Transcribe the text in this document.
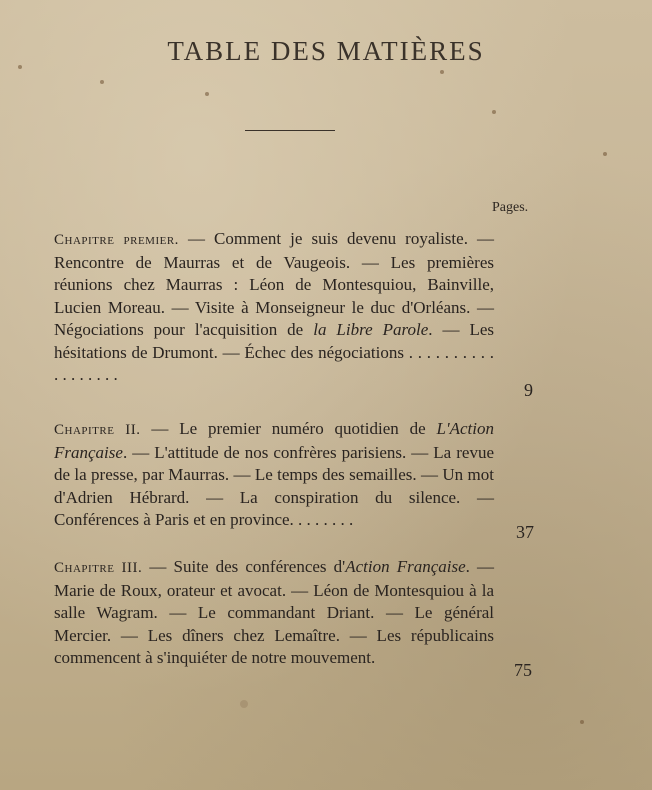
TABLE DES MATIÈRES
Pages.
Chapitre premier. — Comment je suis devenu royaliste. — Rencontre de Maurras et de Vaugeois. — Les premières réunions chez Maurras : Léon de Montesquiou, Bainville, Lucien Moreau. — Visite à Monseigneur le duc d'Orléans. — Négociations pour l'acquisition de la Libre Parole. — Les hésitations de Drumont. — Échec des négociations . . . . . . . . . . . . . . . . . .
9
Chapitre II. — Le premier numéro quotidien de L'Action Française. — L'attitude de nos confrères parisiens. — La revue de la presse, par Maurras. — Le temps des semailles. — Un mot d'Adrien Hébrard. — La conspiration du silence. — Conférences à Paris et en province. . . . . . . .
37
Chapitre III. — Suite des conférences d'Action Française. — Marie de Roux, orateur et avocat. — Léon de Montesquiou à la salle Wagram. — Le commandant Driant. — Le général Mercier. — Les dîners chez Lemaître. — Les républicains commencent à s'inquiéter de notre mouvement.
75
